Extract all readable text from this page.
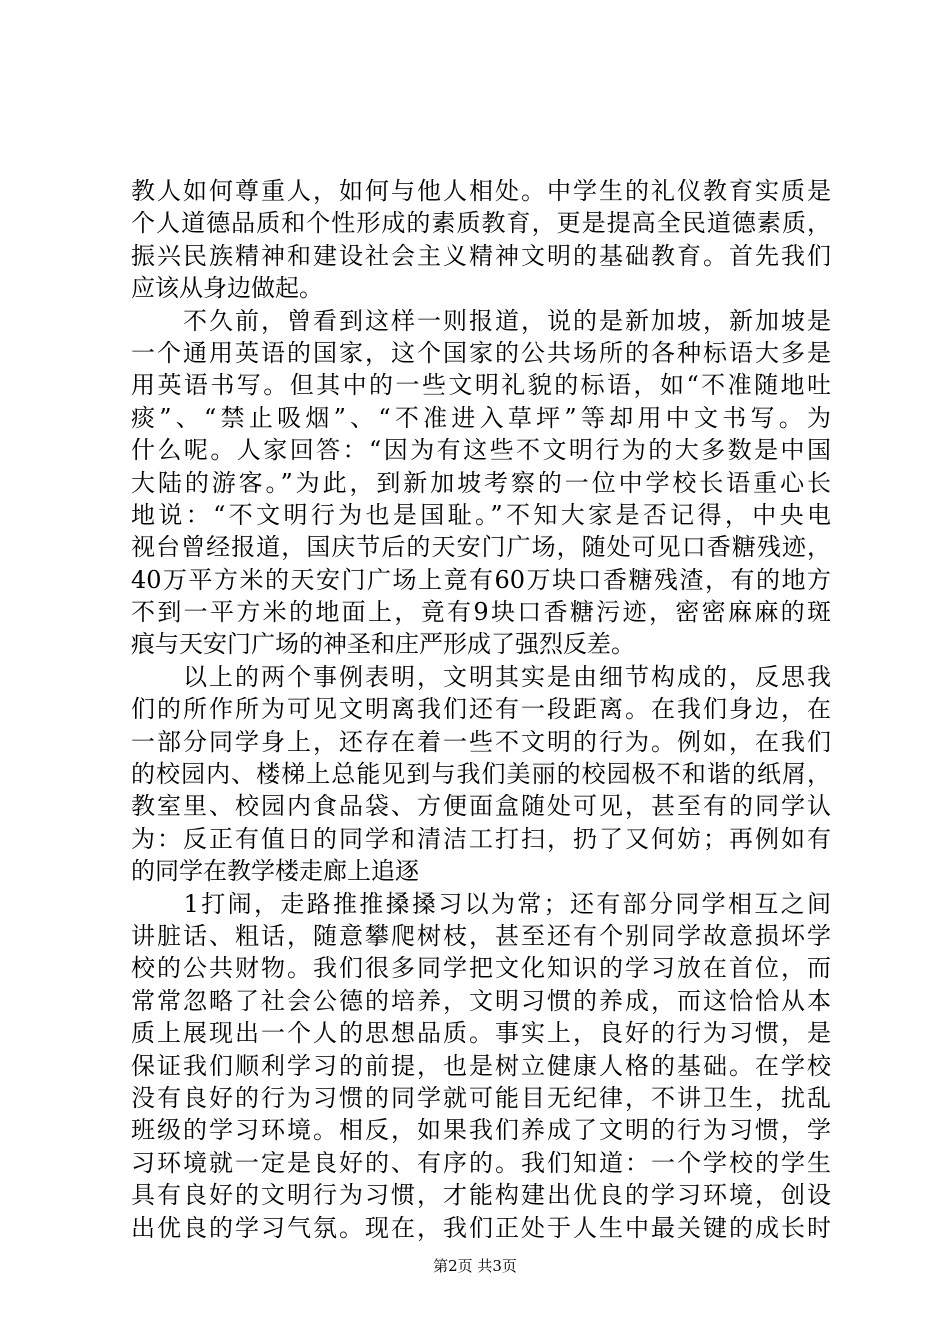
教人如何尊重人，如何与他人相处。中学生的礼仪教育实质是
个人道德品质和个性形成的素质教育，更是提高全民道德素质，
振兴民族精神和建设社会主义精神文明的基础教育。首先我们
应该从身边做起。
　　不久前，曾看到这样一则报道，说的是新加坡，新加坡是
一个通用英语的国家，这个国家的公共场所的各种标语大多是
用英语书写。但其中的一些文明礼貌的标语，如“不准随地吐
痰”、“禁止吸烟”、“不准进入草坪”等却用中文书写。为
什么呢。人家回答：“因为有这些不文明行为的大多数是中国
大陆的游客。”为此，到新加坡考察的一位中学校长语重心长
地说：“不文明行为也是国耻。”不知大家是否记得，中央电
视台曾经报道，国庆节后的天安门广场，随处可见口香糖残迹，
40万平方米的天安门广场上竟有60万块口香糖残渣，有的地方
不到一平方米的地面上，竟有9块口香糖污迹，密密麻麻的斑
痕与天安门广场的神圣和庄严形成了强烈反差。
　　以上的两个事例表明，文明其实是由细节构成的，反思我
们的所作所为可见文明离我们还有一段距离。在我们身边，在
一部分同学身上，还存在着一些不文明的行为。例如，在我们
的校园内、楼梯上总能见到与我们美丽的校园极不和谐的纸屑，
教室里、校园内食品袋、方便面盒随处可见，甚至有的同学认
为：反正有值日的同学和清洁工打扫，扔了又何妨；再例如有
的同学在教学楼走廊上追逐
　　1打闹，走路推推搡搡习以为常；还有部分同学相互之间
讲脏话、粗话，随意攀爬树枝，甚至还有个别同学故意损坏学
校的公共财物。我们很多同学把文化知识的学习放在首位，而
常常忽略了社会公德的培养，文明习惯的养成，而这恰恰从本
质上展现出一个人的思想品质。事实上，良好的行为习惯，是
保证我们顺利学习的前提，也是树立健康人格的基础。在学校
没有良好的行为习惯的同学就可能目无纪律，不讲卫生，扰乱
班级的学习环境。相反，如果我们养成了文明的行为习惯，学
习环境就一定是良好的、有序的。我们知道：一个学校的学生
具有良好的文明行为习惯，才能构建出优良的学习环境，创设
出优良的学习气氛。现在，我们正处于人生中最关键的成长时
第2页 共3页
